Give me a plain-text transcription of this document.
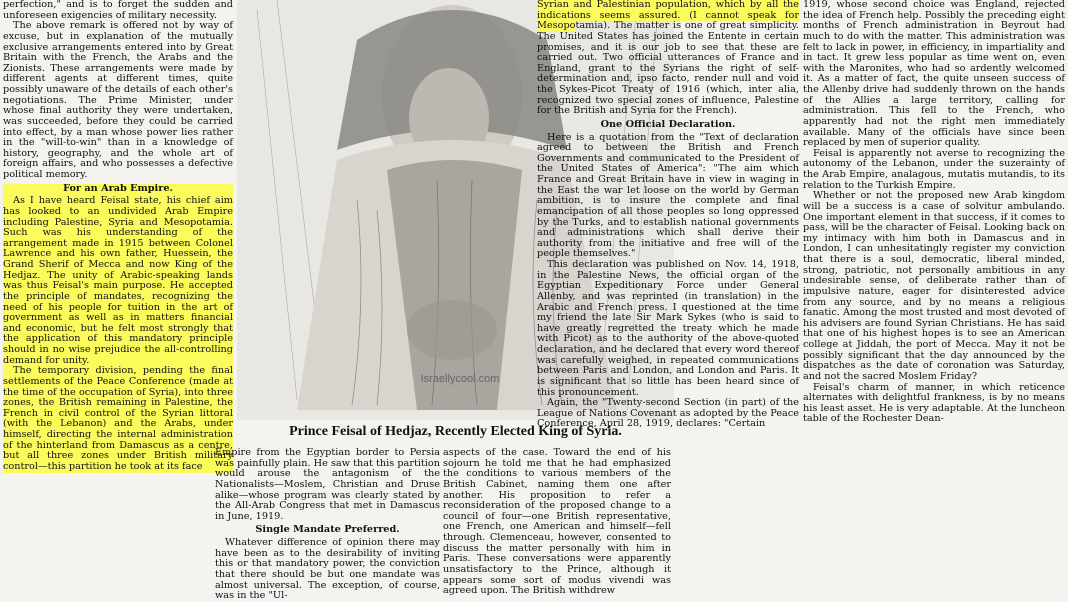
perfection," and is to forget the sudden and unforeseen exigencies of military necessity.

The above remark is offered not by way of excuse, but in explanation of the mutually exclusive arrangements entered into by Great Britain with the French, the Arabs and the Zionists. These arrangements were made by different agents at different times, quite possibly unaware of the details of each other's negotiations. The Prime Minister, under whose final authority they were undertaken, was succeeded, before they could be carried into effect, by a man whose power lies rather in the "will-to-win" than in a knowledge of history, geography, and the whole art of foreign affairs, and who possesses a defective political memory.

For an Arab Empire.

As I have heard Feisal state, his chief aim has looked to an undivided Arab Empire including Palestine, Syria and Mesopotamia. Such was his understanding of the arrangement made in 1915 between Colonel Lawrence and his own father, Huessein, the Grand Sherif of Mecca and now King of the Hedjaz. The unity of Arabic-speaking lands was thus Feisal's main purpose. He accepted the principle of mandates, recognizing the need of his people for tuition in the art of government as well as in matters financial and economic, but he felt most strongly that the application of this mandatory principle should in no wise prejudice the all-controlling demand for unity.

The temporary division, pending the final settlements of the Peace Conference (made at the time of the occupation of Syria), into three zones, the British remaining in Palestine, the French in civil control of the Syrian littoral (with the Lebanon) and the Arabs, under himself, directing the internal administration of the hinterland from Damascus as a centre, but all three zones under British military control—this partition he took at its face

Israellycool.com
Prince Feisal of Hedjaz, Recently Elected King of Syria.

Empire from the Egyptian border to Persia was painfully plain. He saw that this partition would arouse the antagonism of the Nationalists—Moslem, Christian and Druse alike—whose program was clearly stated by the All-Arab Congress that met in Damascus in June, 1919.

Single Mandate Preferred.

Whatever difference of opinion there may have been as to the desirability of inviting this or that mandatory power, the conviction that there should be but one mandate was almost universal. The exception, of course, was in the "Ul-

aspects of the case. Toward the end of his sojourn he told me that he had emphasized the conditions to various members of the British Cabinet, naming them one after another. His proposition to refer a reconsideration of the proposed change to a council of four—one British representative, one French, one American and himself—fell through. Clemenceau, however, consented to discuss the matter personally with him in Paris. These conversations were apparently unsatisfactory to the Prince, although it appears some sort of modus vivendi was agreed upon. The British withdrew

Syrian and Palestinian population, which by all the indications seems assured. (I cannot speak for Mesopotamia). The matter is one of great simplicity. The United States has joined the Entente in certain promises, and it is our job to see that these are carried out. Two official utterances of France and England, grant to the Syrians the right of self-determination and, ipso facto, render null and void the Sykes-Picot Treaty of 1916 (which, inter alia, recognized two special zones of influence, Palestine for the British and Syria for the French).

One Official Declaration.

Here is a quotation from the "Text of declaration agreed to between the British and French Governments and communicated to the President of the United States of America": "The aim which France and Great Britain have in view in waging in the East the war let loose on the world by German ambition, is to insure the complete and final emancipation of all those peoples so long oppressed by the Turks, and to establish national governments and administrations which shall derive their authority from the initiative and free will of the people themselves."

This declaration was published on Nov. 14, 1918, in the Palestine News, the official organ of the Egyptian Expeditionary Force under General Allenby, and was reprinted (in translation) in the Arabic and French press. I questioned at the time my friend the late Sir Mark Sykes (who is said to have greatly regretted the treaty which he made with Picot) as to the authority of the above-quoted declaration, and he declared that every word thereof was carefully weighed, in repeated communications between Paris and London, and London and Paris. It is significant that so little has been heard since of this pronouncement.

Again, the "Twenty-second Section (in part) of the League of Nations Covenant as adopted by the Peace Conference, April 28, 1919, declares: "Certain

1919, whose second choice was England, rejected the idea of French help. Possibly the preceding eight months of French administration in Beyrout had much to do with the matter. This administration was felt to lack in power, in efficiency, in impartiality and in tact. It grew less popular as time went on, even with the Maronites, who had so ardently welcomed it. As a matter of fact, the quite unseen success of the Allenby drive had suddenly thrown on the hands of the Allies a large territory, calling for administration. This fell to the French, who apparently had not the right men immediately available. Many of the officials have since been replaced by men of superior quality.

Feisal is apparently not averse to recognizing the autonomy of the Lebanon, under the suzerainty of the Arab Empire, analagous, mutatis mutandis, to its relation to the Turkish Empire.

Whether or not the proposed new Arab kingdom will be a success is a case of solvitur ambulando. One important element in that success, if it comes to pass, will be the character of Feisal. Looking back on my intimacy with him both in Damascus and in London, I can unhesitatingly register my conviction that there is a soul, democratic, liberal minded, strong, patriotic, not personally ambitious in any undesirable sense, of deliberate rather than of impulsive nature, eager for disinterested advice from any source, and by no means a religious fanatic. Among the most trusted and most devoted of his advisers are found Syrian Christians. He has said that one of his highest hopes is to see an American college at Jiddah, the port of Mecca. May it not be possibly significant that the day announced by the dispatches as the date of coronation was Saturday, and not the sacred Moslem Friday?

Feisal's charm of manner, in which reticence alternates with delightful frankness, is by no means his least asset. He is very adaptable. At the luncheon table of the Rochester Dean-
